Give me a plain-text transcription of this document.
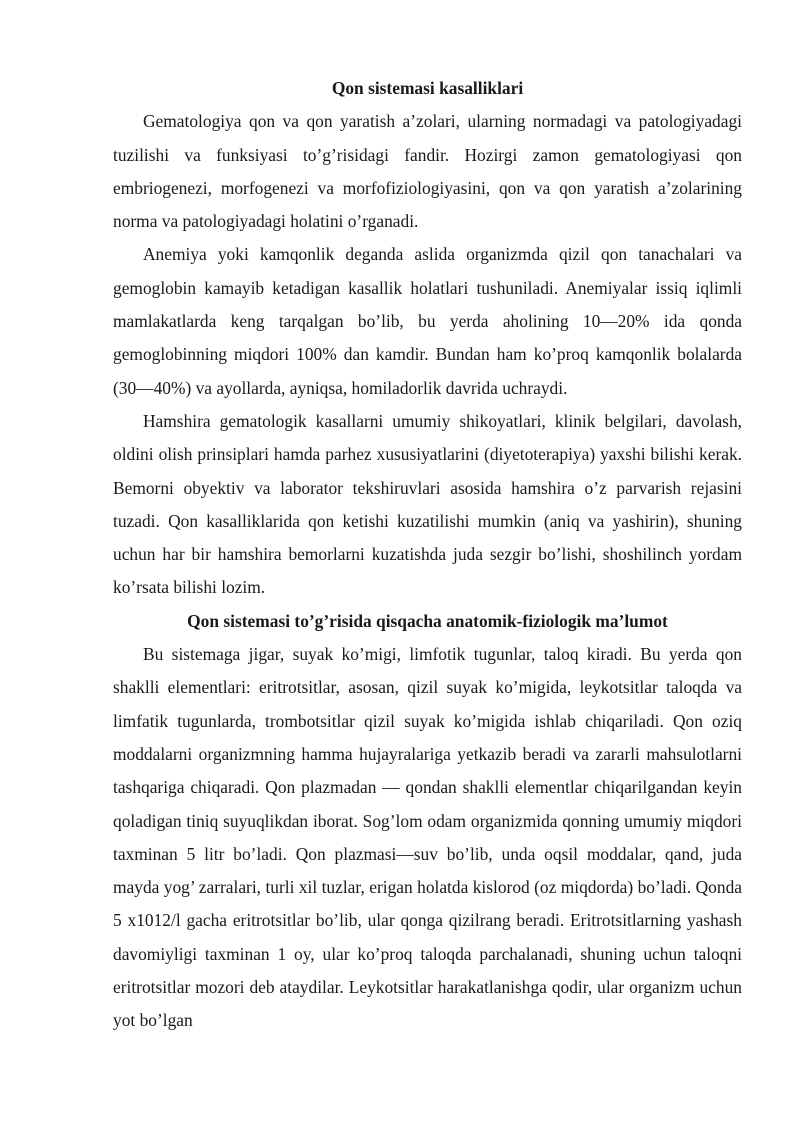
Qon sistemasi kasalliklari

Gematologiya qon va qon yaratish a’zolari, ularning normadagi va patologiyadagi tuzilishi va funksiyasi to’g’risidagi fandir. Hozirgi zamon gematologiyasi qon embriogenezi, morfogenezi va morfofiziologiyasini, qon va qon yaratish a’zolarining norma va patologiyadagi holatini o’rganadi.

Anemiya yoki kamqonlik deganda aslida organizmda qizil qon tanachalari va gemoglobin kamayib ketadigan kasallik holatlari tushuniladi. Anemiyalar issiq iqlimli mamlakatlarda keng tarqalgan bo’lib, bu yerda aholining 10—20% ida qonda gemoglobinning miqdori 100% dan kamdir. Bundan ham ko’proq kamqonlik bolalarda (30—40%) va ayollarda, ayniqsa, homiladorlik davrida uchraydi.

Hamshira gematologik kasallarni umumiy shikoyatlari, klinik belgilari, davolash, oldini olish prinsiplari hamda parhez xususiyatlarini (diyetoterapiya) yaxshi bilishi kerak. Bemorni obyektiv va laborator tekshiruvlari asosida hamshira o’z parvarish rejasini tuzadi. Qon kasalliklarida qon ketishi kuzatilishi mumkin (aniq va yashirin), shuning uchun har bir hamshira bemorlarni kuzatishda juda sezgir bo’lishi, shoshilinch yordam ko’rsata bilishi lozim.

Qon sistemasi to’g’risida qisqacha anatomik-fiziologik ma’lumot

Bu sistemaga jigar, suyak ko’migi, limfotik tugunlar, taloq kiradi. Bu yerda qon shaklli elementlari: eritrotsitlar, asosan, qizil suyak ko’migida, leykotsitlar taloqda va limfatik tugunlarda, trombotsitlar qizil suyak ko’migida ishlab chiqariladi. Qon oziq moddalarni organizmning hamma hujayralariga yetkazib beradi va zararli mahsulotlarni tashqariga chiqaradi. Qon plazmadan — qondan shaklli elementlar chiqarilgandan keyin qoladigan tiniq suyuqlikdan iborat. Sog’lom odam organizmida qonning umumiy miqdori taxminan 5 litr bo’ladi. Qon plazmasi—suv bo’lib, unda oqsil moddalar, qand, juda mayda yog’ zarralari, turli xil tuzlar, erigan holatda kislorod (oz miqdorda) bo’ladi. Qonda 5 x1012/l gacha eritrotsitlar bo’lib, ular qonga qizilrang beradi. Eritrotsitlarning yashash davomiyligi taxminan 1 oy, ular ko’proq taloqda parchalanadi, shuning uchun taloqni eritrotsitlar mozori deb ataydilar. Leykotsitlar harakatlanishga qodir, ular organizm uchun yot bo’lgan
